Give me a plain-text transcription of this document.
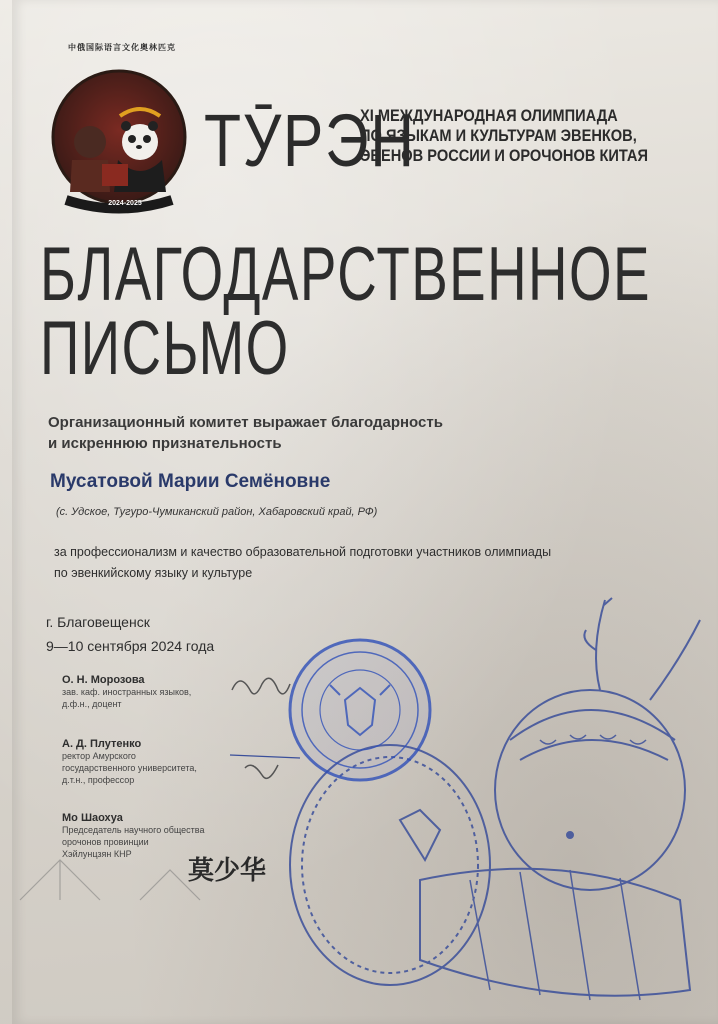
中俄国际语言文化奥林匹克
2024-2025
ТӮРЭН
XI МЕЖДУНАРОДНАЯ ОЛИМПИАДА
ПО ЯЗЫКАМ И КУЛЬТУРАМ ЭВЕНКОВ,
ЭВЕНОВ РОССИИ И ОРОЧОНОВ КИТАЯ
БЛАГОДАРСТВЕННОЕ
ПИСЬМО
Организационный комитет выражает благодарность
и искреннюю признательность
Мусатовой Марии Семёновне
(с. Удское, Тугуро-Чумиканский район, Хабаровский край, РФ)
за профессионализм и качество образовательной подготовки участников олимпиады
по эвенкийскому языку и культуре
г. Благовещенск
9—10 сентября 2024 года
О. Н. Морозова
зав. каф. иностранных языков,
д.ф.н., доцент
А. Д. Плутенко
ректор Амурского
государственного университета,
д.т.н., профессор
Мо Шаохуа
Председатель научного общества
орочонов провинции
Хэйлунцзян КНР
莫少华
